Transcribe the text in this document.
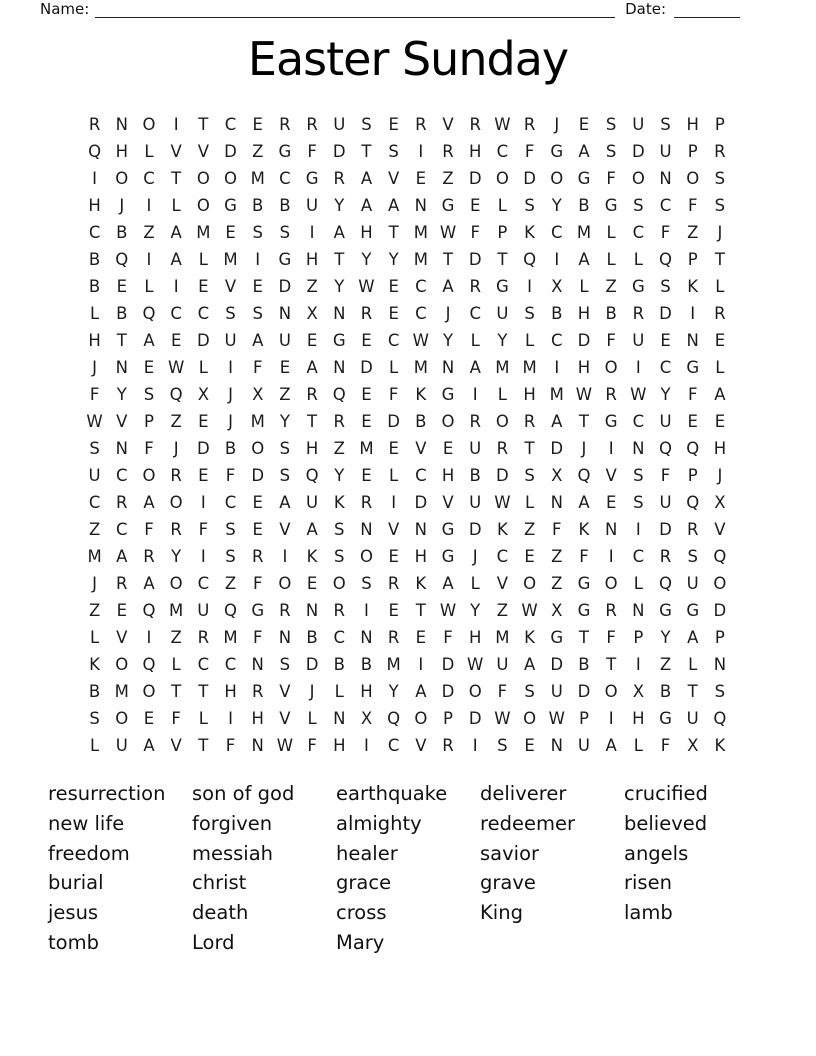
Name:	Date:
Easter Sunday
R N O	I	T C E R R U S	E R V R W R	J	E	S U S H P
Q H L	V V D Z G F D T	S	I	R H C	F G A S D U P R
I	O C T O O M C G R A V E Z D O D O G F O N O S
H	J	I	L O G B B U Y A A N G E	L	S	Y B G S C	F	S
C B Z A M E	S	S	I	A H T M W F	P	K C M L	C	F	Z	J
B Q	I	A	L M	I	G H T	Y	Y M T D T Q	I	A	L	L Q P	T
B E	L	I	E V E D Z Y W E C A R G	I	X	L	Z G S	K	L
L	B Q C C S	S N X N R E C	J	C U S B H B R D	I	R
H T A E D U A U E G E C W Y	L	Y	L	C D F U E N E
J	N E W L	I	F	E A N D L M N A M M	I	H O	I	C G L
F	Y	S Q X	J	X Z R Q E	F	K G	I	L H M W R W Y	F	A
W V	P	Z E	J	M Y	T R E D B O R O R A	T G C U E	E
S N F	J	D B O S H Z M E V E U R T D	J	I	N Q Q H
U C O R E	F D S Q Y	E	L	C H B D S X Q V S	F	P	J
C R A O	I	C E A U K R	I	D V U W L N A E	S U Q X
Z C	F	R	F	S	E V A S N V N G D K Z	F	K N	I	D R V
M A R Y	I	S R	I	K	S O E H G	J	C E Z	F	I	C R S Q
J	R A O C Z	F O E O S R K A	L	V O Z G O L Q U O
Z E Q M U Q G R N R	I	E	T W Y Z W X G R N G G D
L	V	I	Z R M F N B C N R E	F H M K G T	F	P	Y A	P
K O Q L	C C N S D B B M	I	D W U A D B T	I	Z	L N
B M O T	T H R V	J	L H Y A D O F	S U D O X B T	S
S O E	F	L	I	H V	L N X Q O P D W O W P	I	H G U Q
L	U A V	T	F N W F H	I	C V R	I	S	E N U A	L	F	X K
resurrection
new life
freedom
burial
jesus
tomb
son of god
forgiven
messiah
christ
death
Lord
earthquake
almighty
healer
grace
cross
Mary
deliverer
redeemer
savior
grave
King
crucified
believed
angels
risen
lamb
